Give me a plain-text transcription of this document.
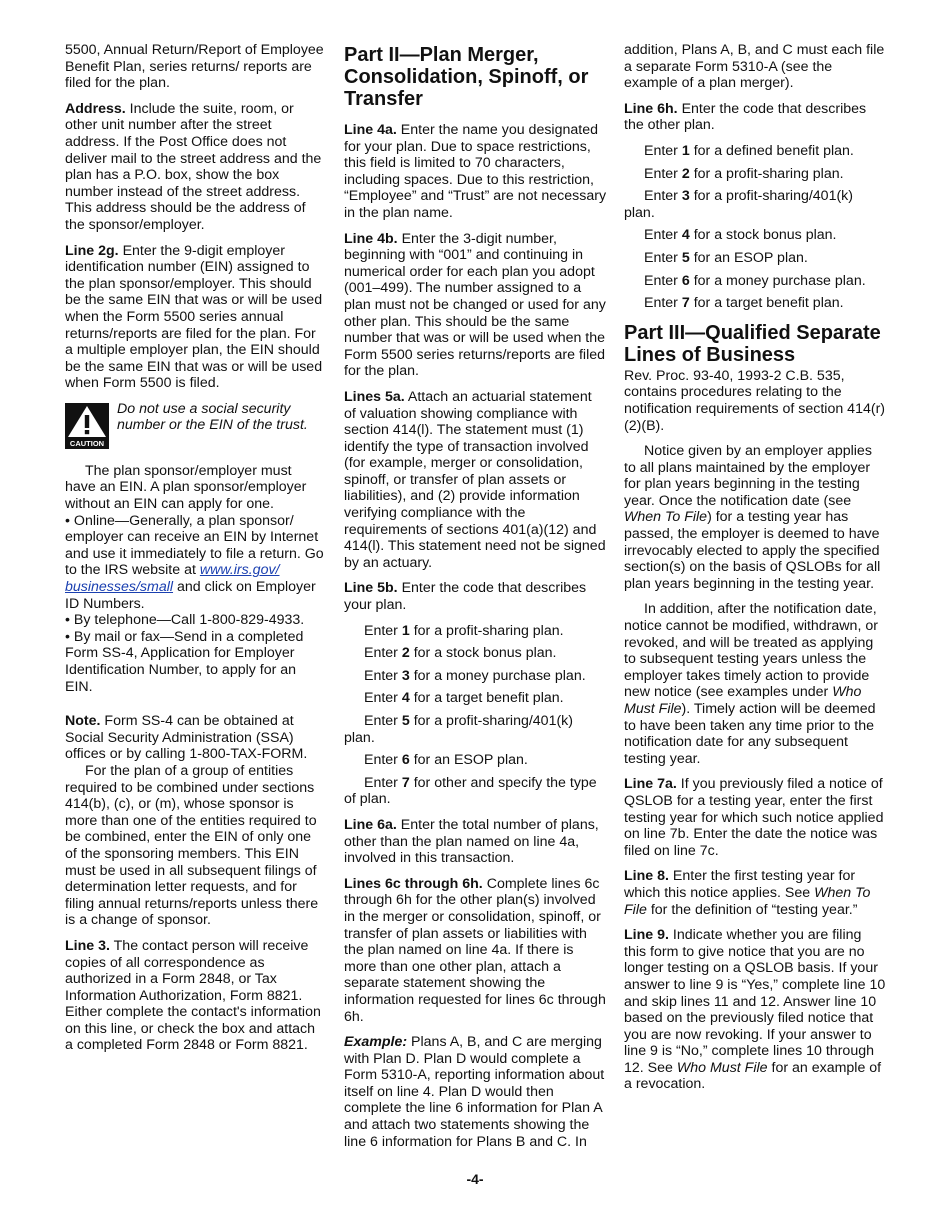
5500, Annual Return/Report of Employee Benefit Plan, series returns/ reports are filed for the plan.

Address. Include the suite, room, or other unit number after the street address. If the Post Office does not deliver mail to the street address and the plan has a P.O. box, show the box number instead of the street address. This address should be the address of the sponsor/employer.

Line 2g. Enter the 9-digit employer identification number (EIN) assigned to the plan sponsor/employer. This should be the same EIN that was or will be used when the Form 5500 series annual returns/reports are filed for the plan. For a multiple employer plan, the EIN should be the same EIN that was or will be used when Form 5500 is filed.

CAUTION
Do not use a social security number or the EIN of the trust.

The plan sponsor/employer must have an EIN. A plan sponsor/employer without an EIN can apply for one.

• Online—Generally, a plan sponsor/ employer can receive an EIN by Internet and use it immediately to file a return. Go to the IRS website at www.irs.gov/ businesses/small and click on Employer ID Numbers.

• By telephone—Call 1-800-829-4933.

• By mail or fax—Send in a completed Form SS-4, Application for Employer Identification Number, to apply for an EIN.

Note. Form SS-4 can be obtained at Social Security Administration (SSA) offices or by calling 1-800-TAX-FORM.

For the plan of a group of entities required to be combined under sections 414(b), (c), or (m), whose sponsor is more than one of the entities required to be combined, enter the EIN of only one of the sponsoring members. This EIN must be used in all subsequent filings of determination letter requests, and for filing annual returns/reports unless there is a change of sponsor.

Line 3. The contact person will receive copies of all correspondence as authorized in a Form 2848, or Tax Information Authorization, Form 8821. Either complete the contact's information on this line, or check the box and attach a completed Form 2848 or Form 8821.

Part II—Plan Merger, Consolidation, Spinoff, or Transfer

Line 4a. Enter the name you designated for your plan. Due to space restrictions, this field is limited to 70 characters, including spaces. Due to this restriction, “Employee” and “Trust” are not necessary in the plan name.

Line 4b. Enter the 3-digit number, beginning with “001” and continuing in numerical order for each plan you adopt (001–499). The number assigned to a plan must not be changed or used for any other plan. This should be the same number that was or will be used when the Form 5500 series returns/reports are filed for the plan.

Lines 5a. Attach an actuarial statement of valuation showing compliance with section 414(l). The statement must (1) identify the type of transaction involved (for example, merger or consolidation, spinoff, or transfer of plan assets or liabilities), and (2) provide information verifying compliance with the requirements of sections 401(a)(12) and 414(l). This statement need not be signed by an actuary.

Line 5b. Enter the code that describes your plan.

Enter 1 for a profit-sharing plan.

Enter 2 for a stock bonus plan.

Enter 3 for a money purchase plan.

Enter 4 for a target benefit plan.

Enter 5 for a profit-sharing/401(k) plan.

Enter 6 for an ESOP plan.

Enter 7 for other and specify the type of plan.

Line 6a. Enter the total number of plans, other than the plan named on line 4a, involved in this transaction.

Lines 6c through 6h. Complete lines 6c through 6h for the other plan(s) involved in the merger or consolidation, spinoff, or transfer of plan assets or liabilities with the plan named on line 4a. If there is more than one other plan, attach a separate statement showing the information requested for lines 6c through 6h.

Example: Plans A, B, and C are merging with Plan D. Plan D would complete a Form 5310-A, reporting information about itself on line 4. Plan D would then complete the line 6 information for Plan A and attach two statements showing the line 6 information for Plans B and C. In

addition, Plans A, B, and C must each file a separate Form 5310-A (see the example of a plan merger).

Line 6h. Enter the code that describes the other plan.

Enter 1 for a defined benefit plan.

Enter 2 for a profit-sharing plan.

Enter 3 for a profit-sharing/401(k) plan.

Enter 4 for a stock bonus plan.

Enter 5 for an ESOP plan.

Enter 6 for a money purchase plan.

Enter 7 for a target benefit plan.

Part III—Qualified Separate Lines of Business

Rev. Proc. 93-40, 1993-2 C.B. 535, contains procedures relating to the notification requirements of section 414(r)(2)(B).

Notice given by an employer applies to all plans maintained by the employer for plan years beginning in the testing year. Once the notification date (see When To File) for a testing year has passed, the employer is deemed to have irrevocably elected to apply the specified section(s) on the basis of QSLOBs for all plan years beginning in the testing year.

In addition, after the notification date, notice cannot be modified, withdrawn, or revoked, and will be treated as applying to subsequent testing years unless the employer takes timely action to provide new notice (see examples under Who Must File). Timely action will be deemed to have been taken any time prior to the notification date for any subsequent testing year.

Line 7a. If you previously filed a notice of QSLOB for a testing year, enter the first testing year for which such notice applied on line 7b. Enter the date the notice was filed on line 7c.

Line 8. Enter the first testing year for which this notice applies. See When To File for the definition of “testing year.”

Line 9. Indicate whether you are filing this form to give notice that you are no longer testing on a QSLOB basis. If your answer to line 9 is “Yes,” complete line 10 and skip lines 11 and 12. Answer line 10 based on the previously filed notice that you are now revoking. If your answer to line 9 is “No,” complete lines 10 through 12. See Who Must File for an example of a revocation.

-4-
